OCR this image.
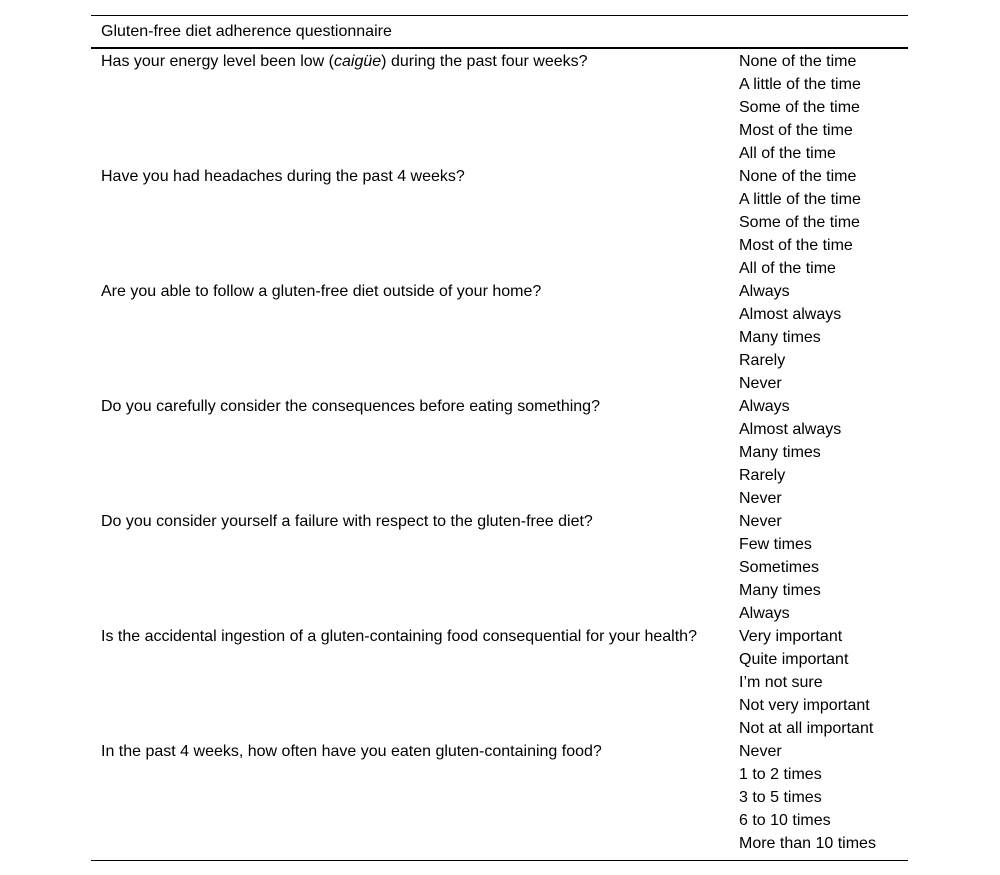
Gluten-free diet adherence questionnaire
Has your energy level been low (caigüe) during the past four weeks?	None of the time
A little of the time
Some of the time
Most of the time
All of the time
Have you had headaches during the past 4 weeks?	None of the time
A little of the time
Some of the time
Most of the time
All of the time
Are you able to follow a gluten-free diet outside of your home?	Always
Almost always
Many times
Rarely
Never
Do you carefully consider the consequences before eating something?	Always
Almost always
Many times
Rarely
Never
Do you consider yourself a failure with respect to the gluten-free diet?	Never
Few times
Sometimes
Many times
Always
Is the accidental ingestion of a gluten-containing food consequential for your health?	Very important
Quite important
I’m not sure
Not very important
Not at all important
In the past 4 weeks, how often have you eaten gluten-containing food?	Never
1 to 2 times
3 to 5 times
6 to 10 times
More than 10 times
